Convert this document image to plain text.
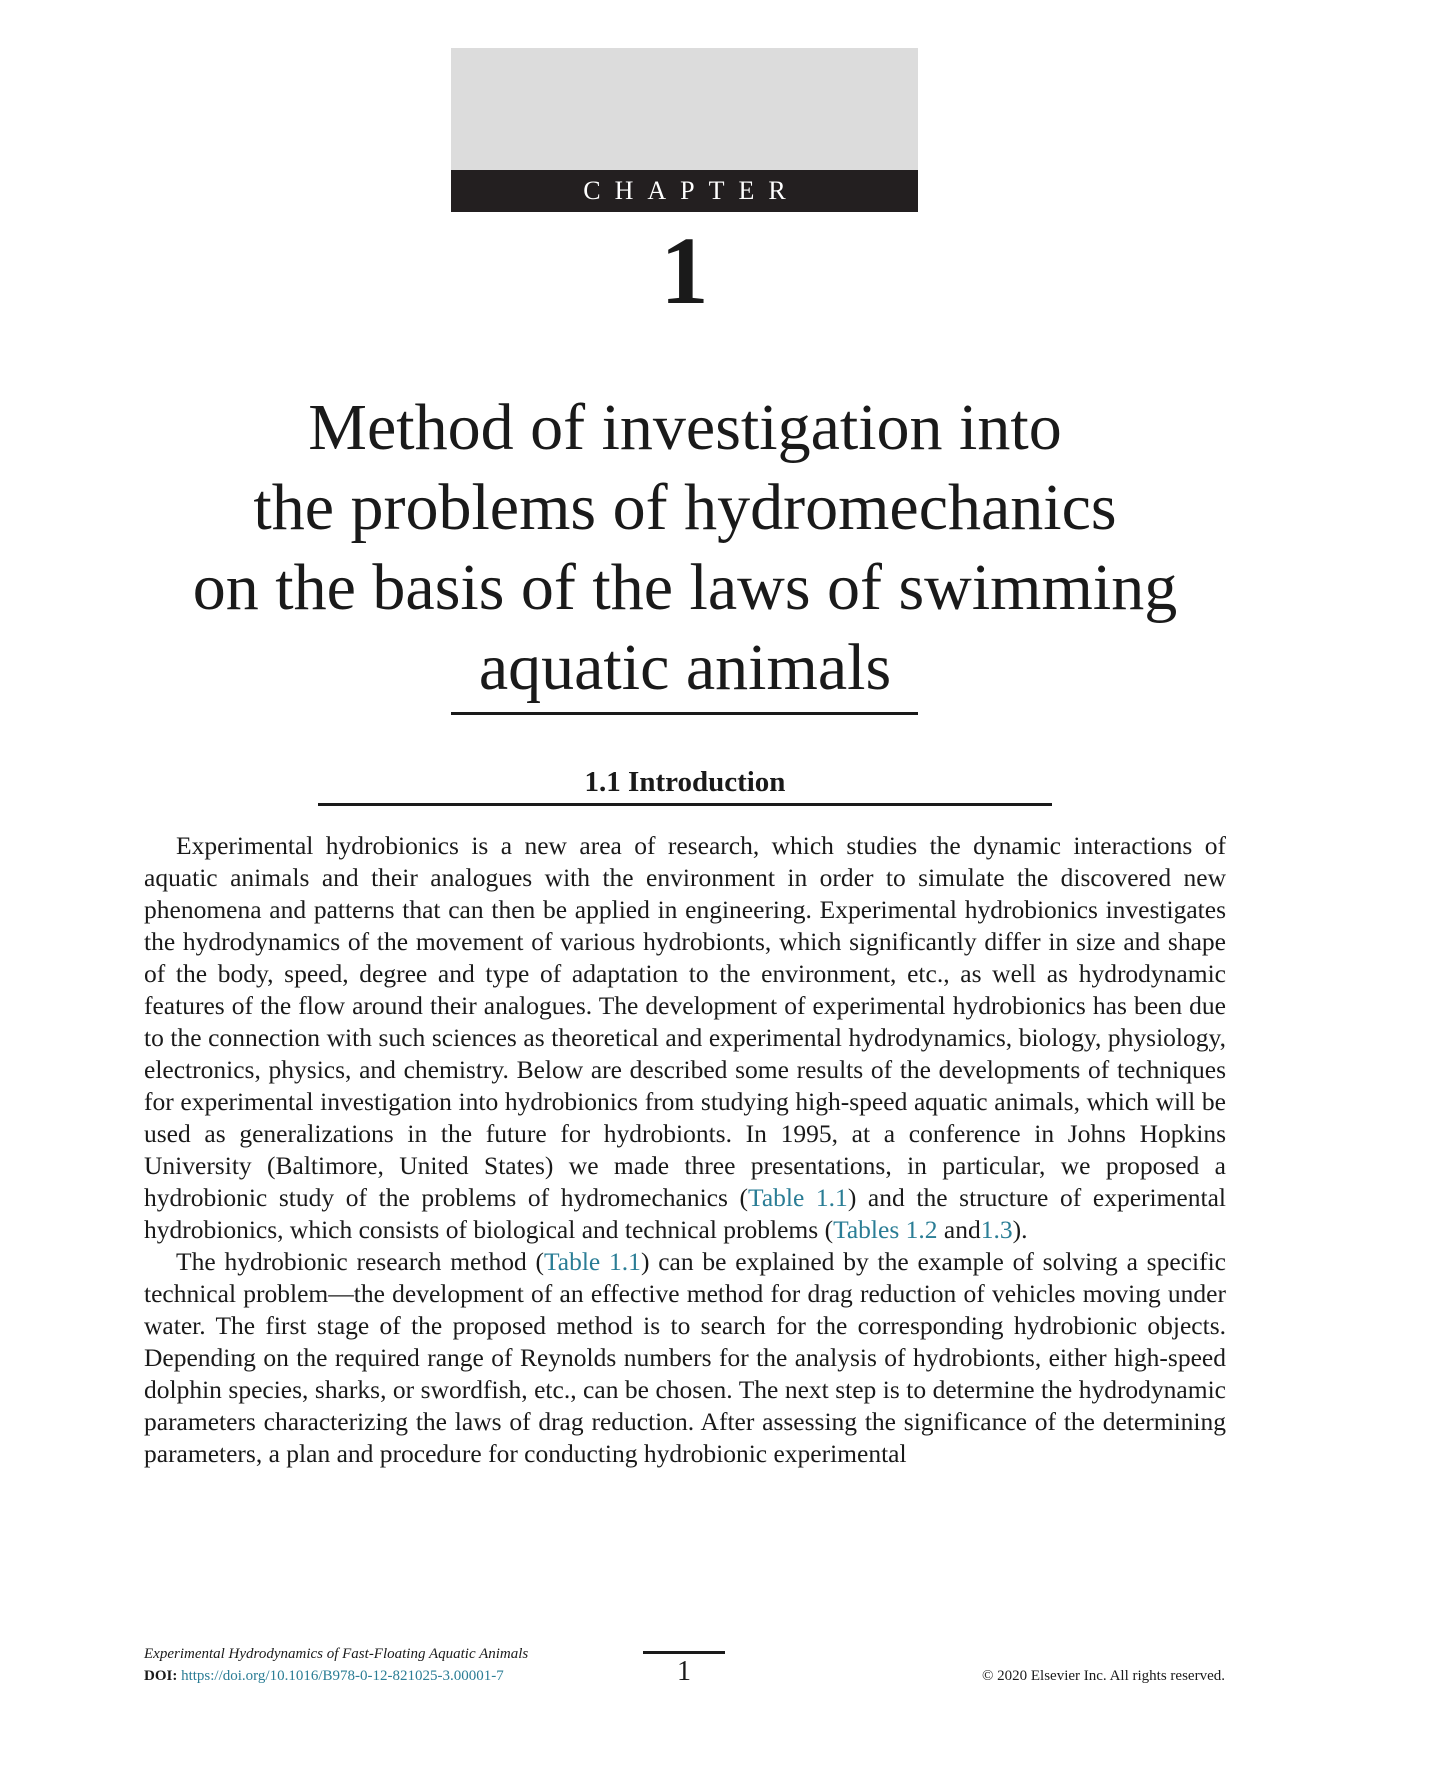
CHAPTER
1
Method of investigation into
the problems of hydromechanics
on the basis of the laws of swimming
aquatic animals
1.1 Introduction

Experimental hydrobionics is a new area of research, which studies the dynamic interactions of aquatic animals and their analogues with the environment in order to simulate the discovered new phenomena and patterns that can then be applied in engineering. Experimental hydrobionics investigates the hydrodynamics of the movement of various hydrobionts, which significantly differ in size and shape of the body, speed, degree and type of adaptation to the environment, etc., as well as hydrodynamic features of the flow around their analogues. The development of experimental hydrobionics has been due to the connection with such sciences as theoretical and experimental hydrodynamics, biology, physiology, electronics, physics, and chemistry. Below are described some results of the developments of techniques for experimental investigation into hydrobionics from studying high-speed aquatic animals, which will be used as generalizations in the future for hydrobionts. In 1995, at a conference in Johns Hopkins University (Baltimore, United States) we made three presentations, in particular, we proposed a hydrobionic study of the problems of hydromechanics (Table 1.1) and the structure of experimental hydrobionics, which consists of biological and technical problems (Tables 1.2 and1.3).

The hydrobionic research method (Table 1.1) can be explained by the example of solving a specific technical problem—the development of an effective method for drag reduction of vehicles moving under water. The first stage of the proposed method is to search for the corresponding hydrobionic objects. Depending on the required range of Reynolds numbers for the analysis of hydrobionts, either high-speed dolphin species, sharks, or swordfish, etc., can be chosen. The next step is to determine the hydrodynamic parameters characterizing the laws of drag reduction. After assessing the significance of the determining parameters, a plan and procedure for conducting hydrobionic experimental

Experimental Hydrodynamics of Fast-Floating Aquatic Animals
DOI: https://doi.org/10.1016/B978-0-12-821025-3.00001-7	1	© 2020 Elsevier Inc. All rights reserved.
